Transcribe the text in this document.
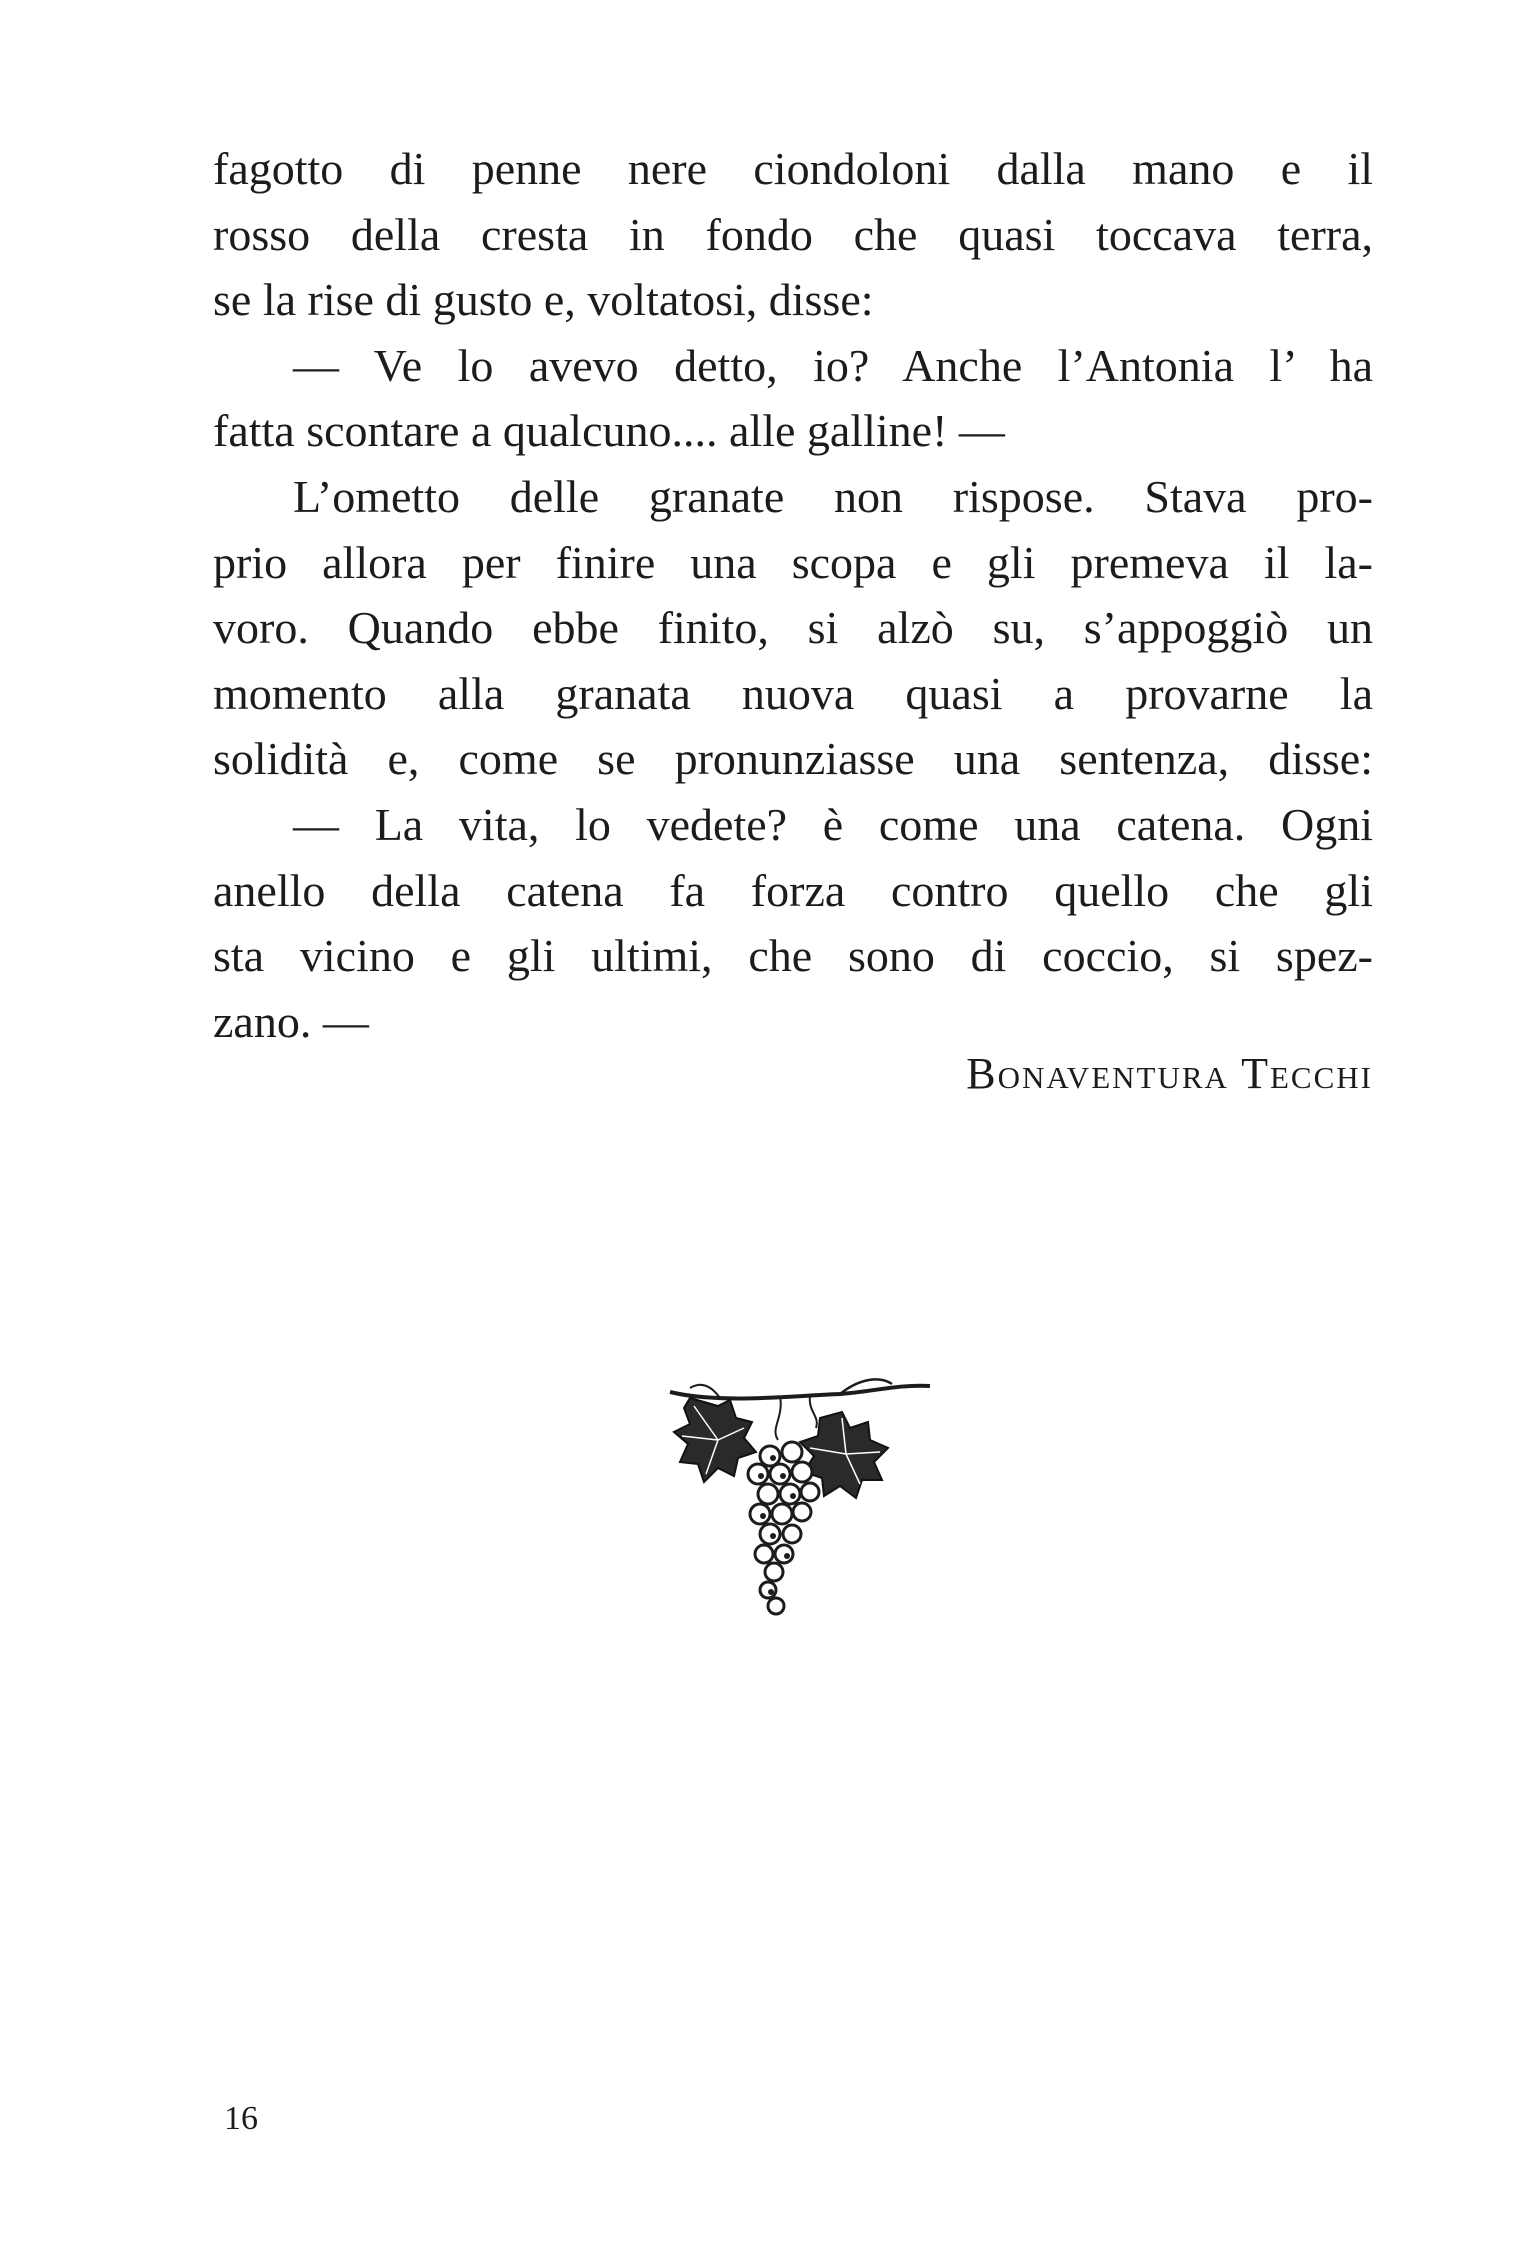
fagotto di penne nere ciondoloni dalla mano e il
rosso della cresta in fondo che quasi toccava terra,
se la rise di gusto e, voltatosi, disse:
— Ve lo avevo detto, io? Anche l’Antonia l’ ha
fatta scontare a qualcuno.... alle galline! —
L’ometto delle granate non rispose. Stava pro-
prio allora per finire una scopa e gli premeva il la-
voro. Quando ebbe finito, si alzò su, s’appoggiò un
momento alla granata nuova quasi a provarne la
solidità e, come se pronunziasse una sentenza, disse:
— La vita, lo vedete? è come una catena. Ogni
anello della catena fa forza contro quello che gli
sta vicino e gli ultimi, che sono di coccio, si spez-
zano. —
Bonaventura Tecchi
16
